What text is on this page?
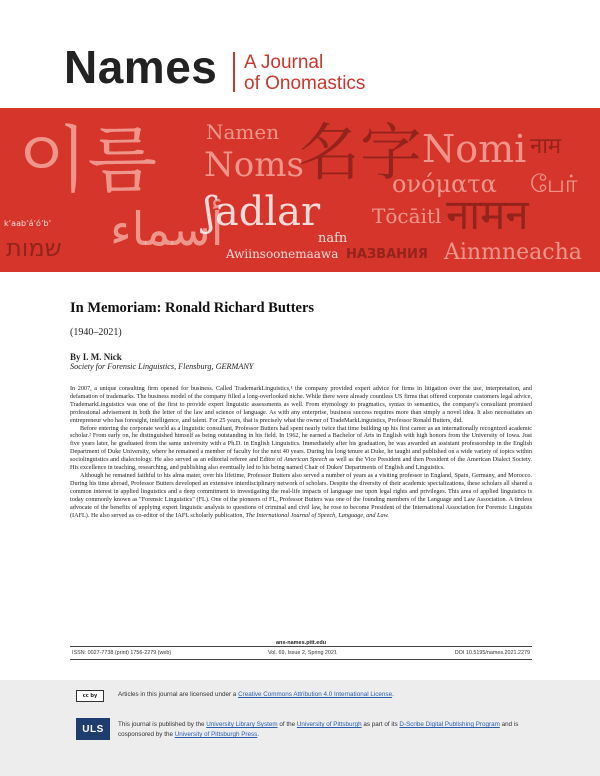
Names A Journal
of Onomastics
이름 Namen
Noms
名字 Nomi
ονόματα பேர்
नाम
kʼaabʼáʼóʼbʼ
שמות أسماء
ʃadlar
nafn
Tōcāitl नामन
Awiinsoonemaawa НАЗВАНИЯ Ainmneacha
In Memoriam: Ronald Richard Butters
(1940–2021)
By I. M. Nick
Society for Forensic Linguistics, Flensburg, GERMANY

In 2007, a unique consulting firm opened for business. Called TrademarkLinguistics,¹ the company provided expert advice for firms in litigation over the use, interpretation, and defamation of trademarks. The business model of the company filled a long-overlooked niche. While there were already countless US firms that offered corporate customers legal advice, TrademarkLinguistics was one of the first to provide expert linguistic assessments as well. From etymology to pragmatics, syntax to semantics, the company's consultant promised professional advisement in both the letter of the law and science of language. As with any enterprise, business success requires more than simply a novel idea. It also necessitates an entrepreneur who has foresight, intelligence, and talent. For 25 years, that is precisely what the owner of TradeMarkLinguistics, Professor Ronald Butters, did.

Before entering the corporate world as a linguistic consultant, Professor Butters had spent nearly twice that time building up his first career as an internationally recognized academic scholar.² From early on, he distinguished himself as being outstanding in his field. In 1962, he earned a Bachelor of Arts in English with high honors from the University of Iowa. Just five years later, he graduated from the same university with a Ph.D. in English Linguistics. Immediately after his graduation, he was awarded an assistant professorship in the English Department of Duke University, where he remained a member of faculty for the next 40 years. During his long tenure at Duke, he taught and published on a wide variety of topics within sociolinguistics and dialectology. He also served as an editorial referee and Editor of American Speech as well as the Vice President and then President of the American Dialect Society. His excellence in teaching, researching, and publishing also eventually led to his being named Chair of Dukes' Departments of English and Linguistics.

Although he remained faithful to his alma mater, over his lifetime, Professor Butters also served a number of years as a visiting professor in England, Spain, Germany, and Morocco. During his time abroad, Professor Butters developed an extensive interdisciplinary network of scholars. Despite the diversity of their academic specializations, these scholars all shared a common interest in applied linguistics and a deep commitment to investigating the real-life impacts of language use upon legal rights and privileges. This area of applied linguistics is today commonly known as "Forensic Linguistics" (FL). One of the pioneers of FL, Professor Butters was one of the founding members of the Language and Law Association. A tireless advocate of the benefits of applying expert linguistic analysis to questions of criminal and civil law, he rose to become President of the International Association for Forensic Linguists (IAFL). He also served as co-editor of the IAFL scholarly publication, The International Journal of Speech, Language, and Law.

ans-names.pitt.edu
ISSN: 0027-7738 (print) 1756-2279 (web)	Vol. 69, Issue 2, Spring 2021	DOI 10.5195/names.2021.2279
cc by	Articles in this journal are licensed under a Creative Commons Attribution 4.0 International License.
ULS	This journal is published by the University Library System of the University of Pittsburgh as part of its D-Scribe Digital Publishing Program and is cosponsored by the University of Pittsburgh Press.
